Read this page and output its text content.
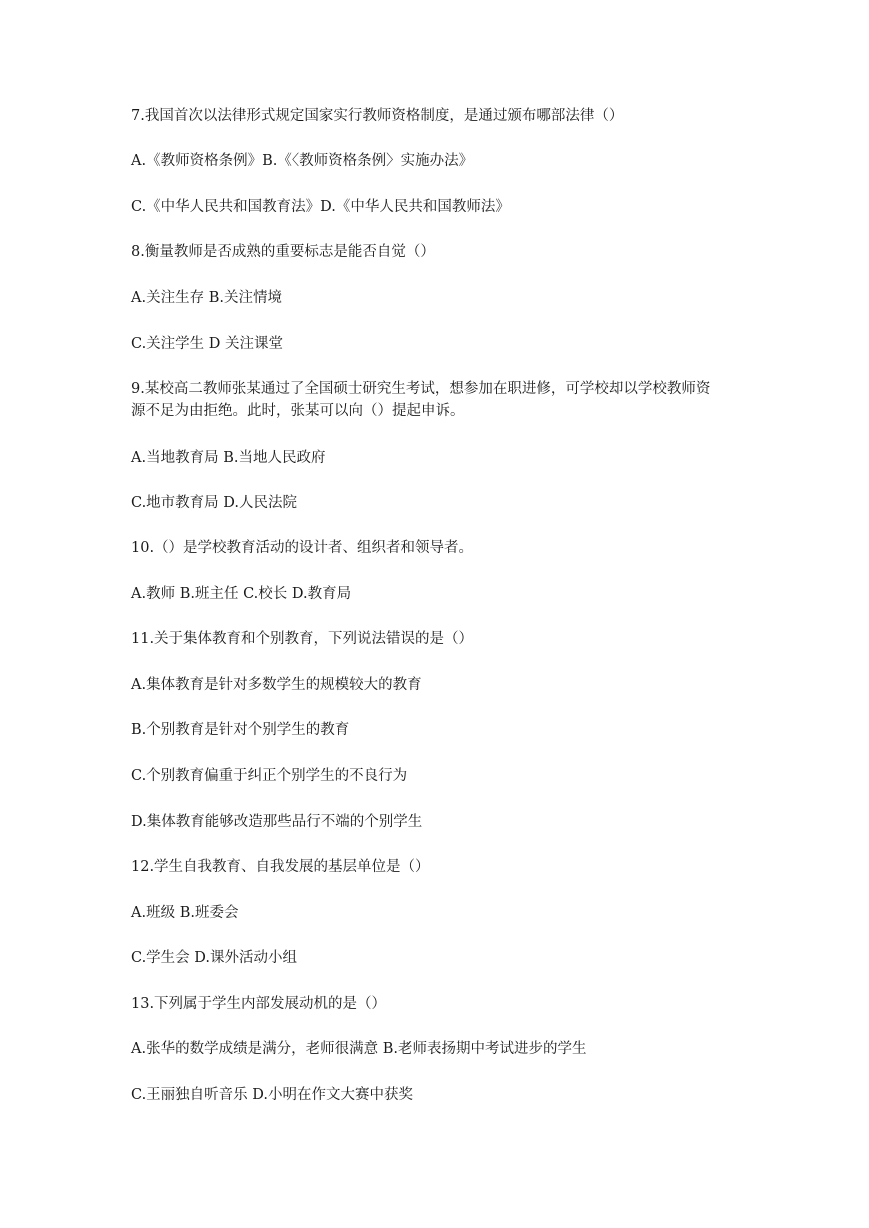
7.我国首次以法律形式规定国家实行教师资格制度，是通过颁布哪部法律（）
A.《教师资格条例》B.《〈教师资格条例〉实施办法》
C.《中华人民共和国教育法》D.《中华人民共和国教师法》
8.衡量教师是否成熟的重要标志是能否自觉（）
A.关注生存 B.关注情境
C.关注学生 D 关注课堂
9.某校高二教师张某通过了全国硕士研究生考试，想参加在职进修，可学校却以学校教师资
源不足为由拒绝。此时，张某可以向（）提起申诉。
A.当地教育局 B.当地人民政府
C.地市教育局 D.人民法院
10.（）是学校教育活动的设计者、组织者和领导者。
A.教师 B.班主任 C.校长 D.教育局
11.关于集体教育和个别教育，下列说法错误的是（）
A.集体教育是针对多数学生的规模较大的教育
B.个别教育是针对个别学生的教育
C.个别教育偏重于纠正个别学生的不良行为
D.集体教育能够改造那些品行不端的个别学生
12.学生自我教育、自我发展的基层单位是（）
A.班级 B.班委会
C.学生会 D.课外活动小组
13.下列属于学生内部发展动机的是（）
A.张华的数学成绩是满分，老师很满意 B.老师表扬期中考试进步的学生
C.王丽独自听音乐 D.小明在作文大赛中获奖
